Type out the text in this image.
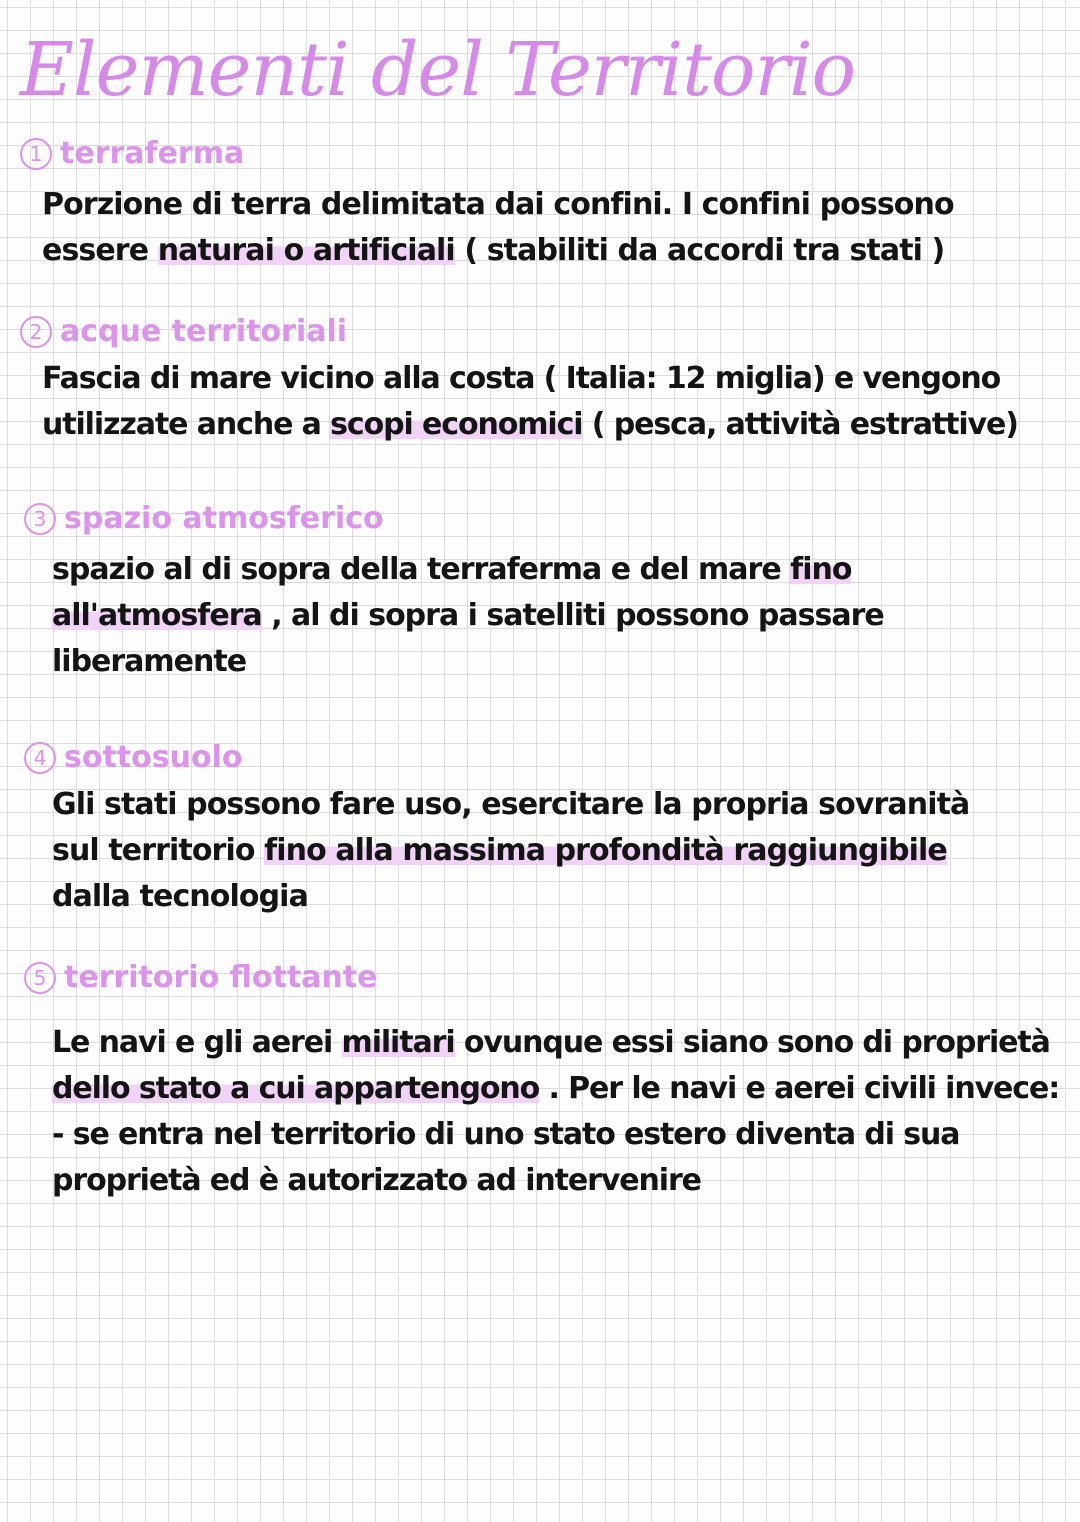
Elementi del Territorio
1 terraferma
Porzione di terra delimitata dai confini. I confini possono
essere naturai o artificiali ( stabiliti da accordi tra stati )
2 acque territoriali
Fascia di mare vicino alla costa ( Italia: 12 miglia) e vengono
utilizzate anche a scopi economici ( pesca, attività estrattive)
3 spazio atmosferico
spazio al di sopra della terraferma e del mare fino
all'atmosfera , al di sopra i satelliti possono passare
liberamente
4 sottosuolo
Gli stati possono fare uso, esercitare la propria sovranità
sul territorio fino alla massima profondità raggiungibile
dalla tecnologia
5 territorio flottante
Le navi e gli aerei militari ovunque essi siano sono di proprietà
dello stato a cui appartengono . Per le navi e aerei civili invece:
- se entra nel territorio di uno stato estero diventa di sua
proprietà ed è autorizzato ad intervenire
